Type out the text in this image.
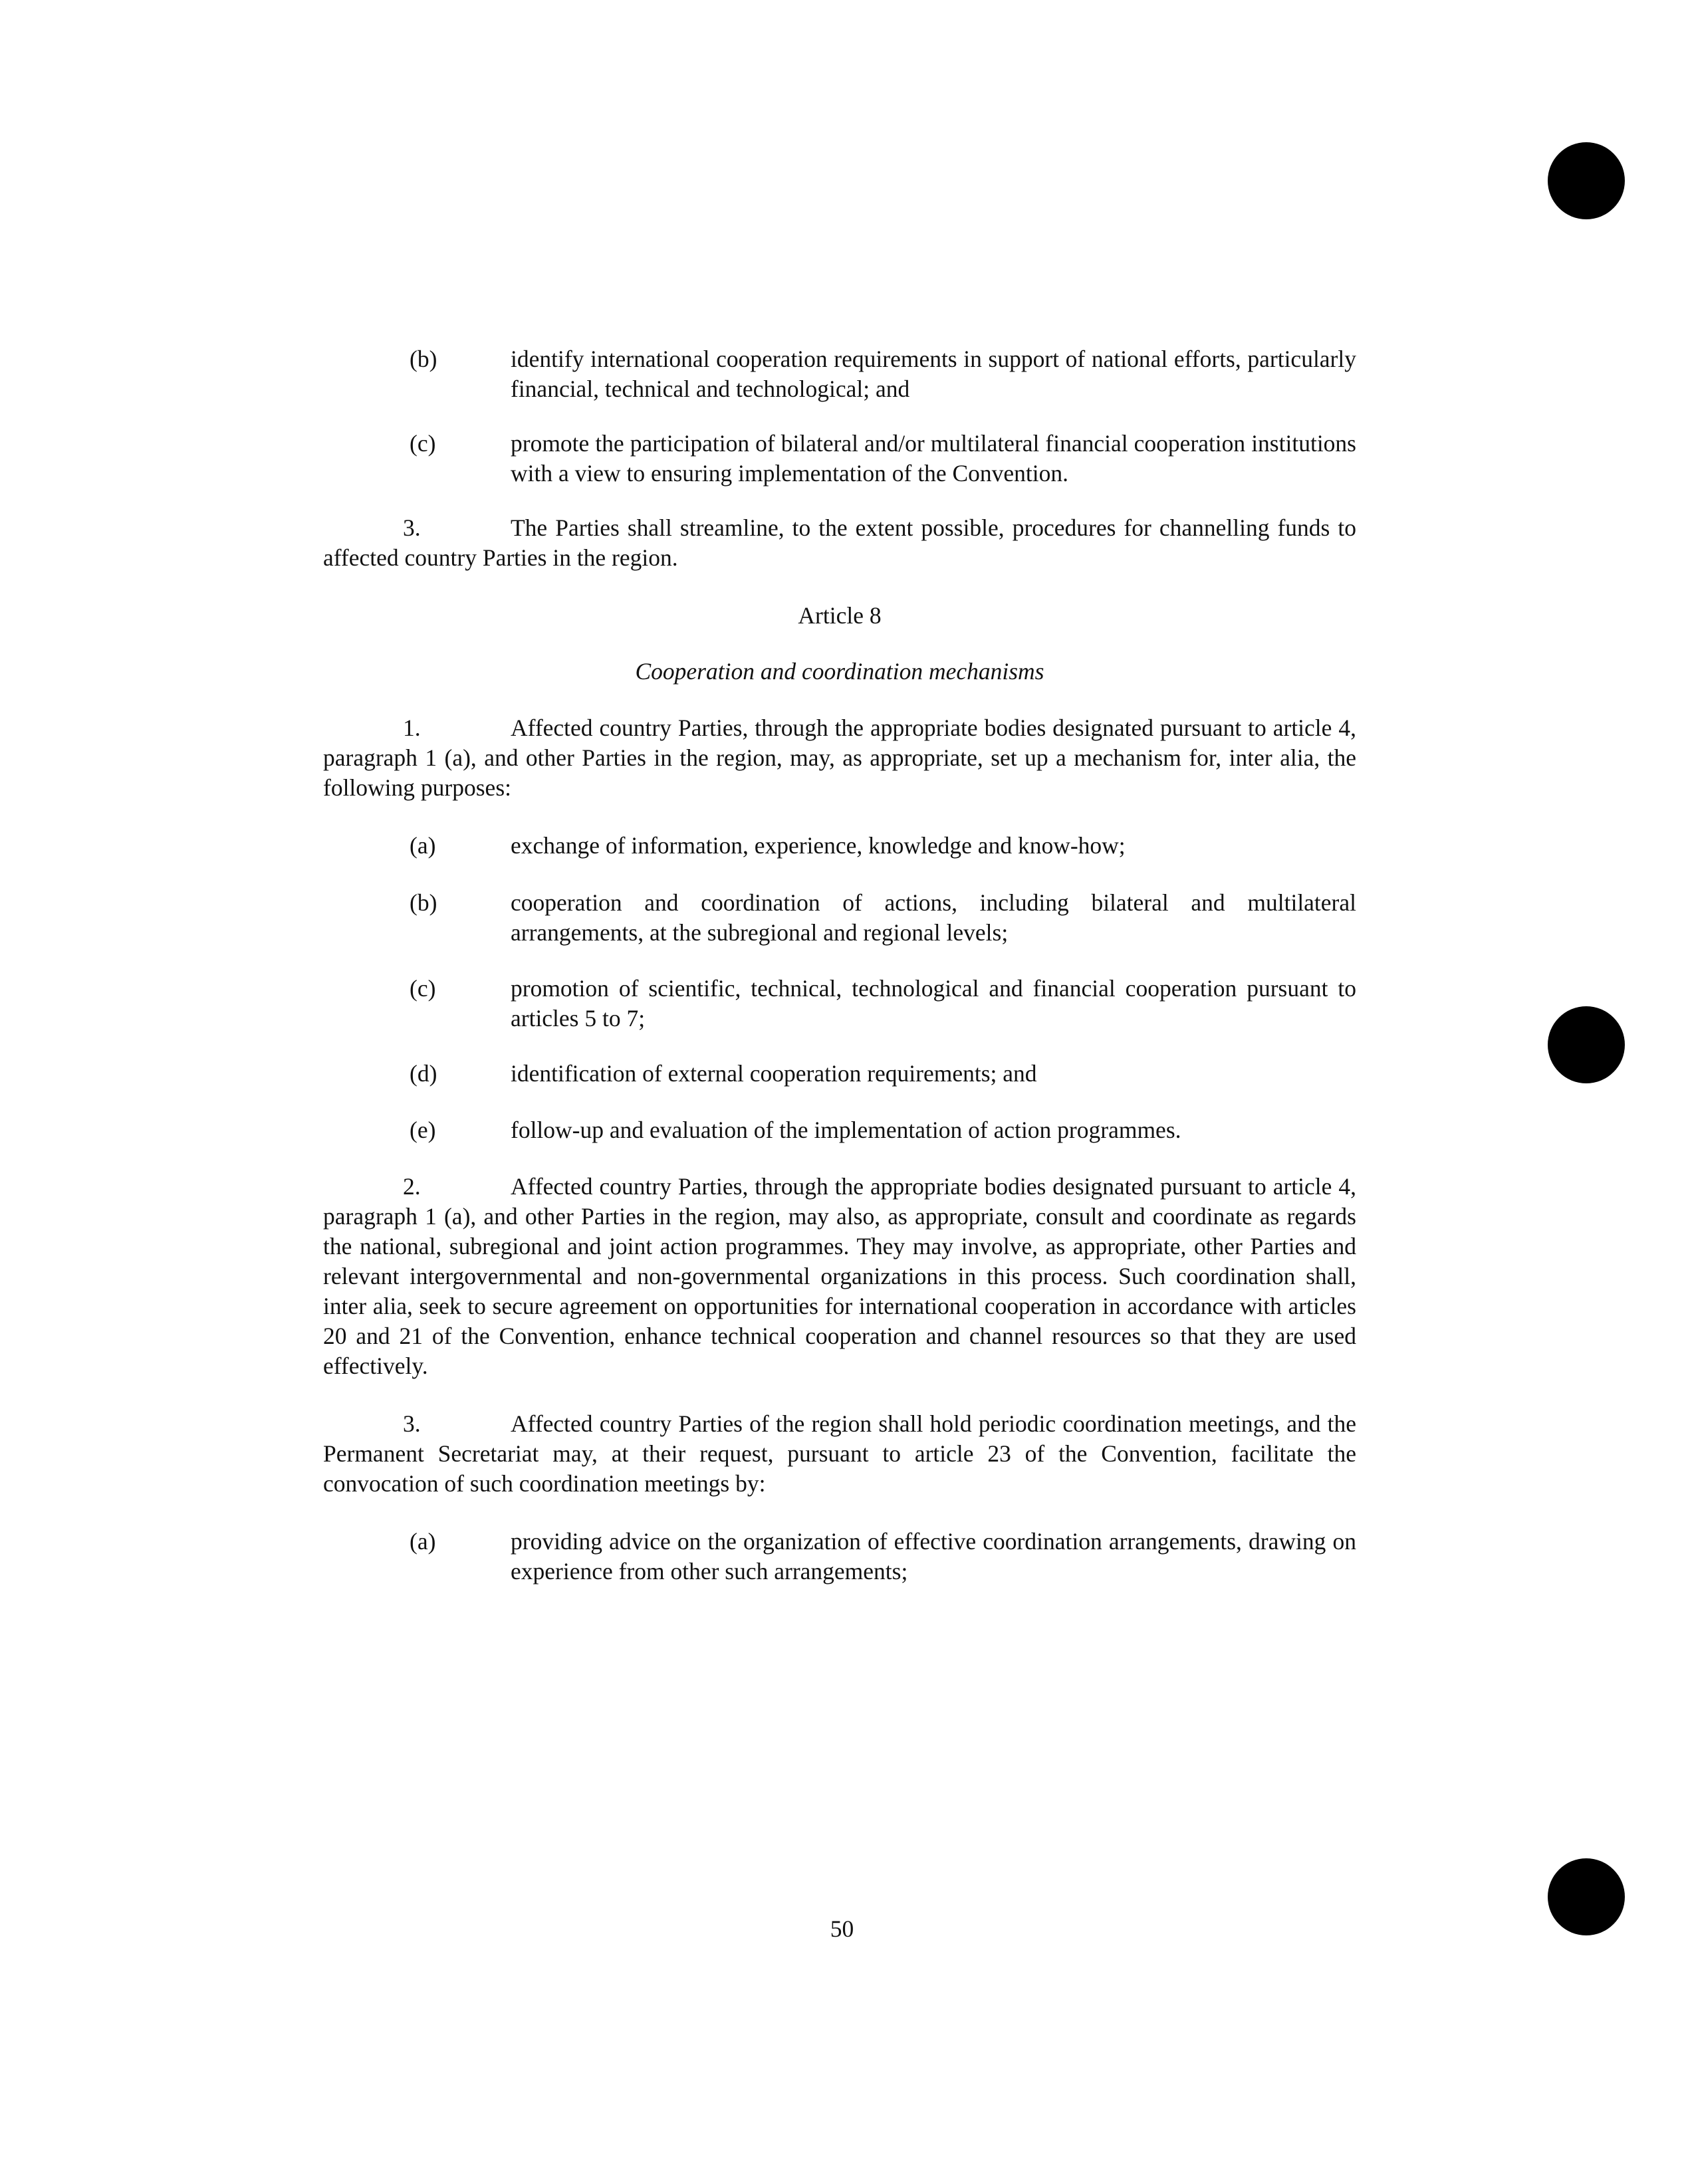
(b)	identify international cooperation requirements in support of national efforts, particularly financial, technical and technological; and
(c)	promote the participation of bilateral and/or multilateral financial cooperation institutions with a view to ensuring implementation of the Convention.
3.	The Parties shall streamline, to the extent possible, procedures for channelling funds to affected country Parties in the region.
Article 8
Cooperation and coordination mechanisms
1.	Affected country Parties, through the appropriate bodies designated pursuant to article 4, paragraph 1 (a), and other Parties in the region, may, as appropriate, set up a mechanism for, inter alia, the following purposes:
(a)	exchange of information, experience, knowledge and know-how;
(b)	cooperation and coordination of actions, including bilateral and multilateral arrangements, at the subregional and regional levels;
(c)	promotion of scientific, technical, technological and financial cooperation pursuant to articles 5 to 7;
(d)	identification of external cooperation requirements; and
(e)	follow-up and evaluation of the implementation of action programmes.
2.	Affected country Parties, through the appropriate bodies designated pursuant to article 4, paragraph 1 (a), and other Parties in the region, may also, as appropriate, consult and coordinate as regards the national, subregional and joint action programmes. They may involve, as appropriate, other Parties and relevant intergovernmental and non-governmental organizations in this process. Such coordination shall, inter alia, seek to secure agreement on opportunities for international cooperation in accordance with articles 20 and 21 of the Convention, enhance technical cooperation and channel resources so that they are used effectively.
3.	Affected country Parties of the region shall hold periodic coordination meetings, and the Permanent Secretariat may, at their request, pursuant to article 23 of the Convention, facilitate the convocation of such coordination meetings by:
(a)	providing advice on the organization of effective coordination arrangements, drawing on experience from other such arrangements;
50
